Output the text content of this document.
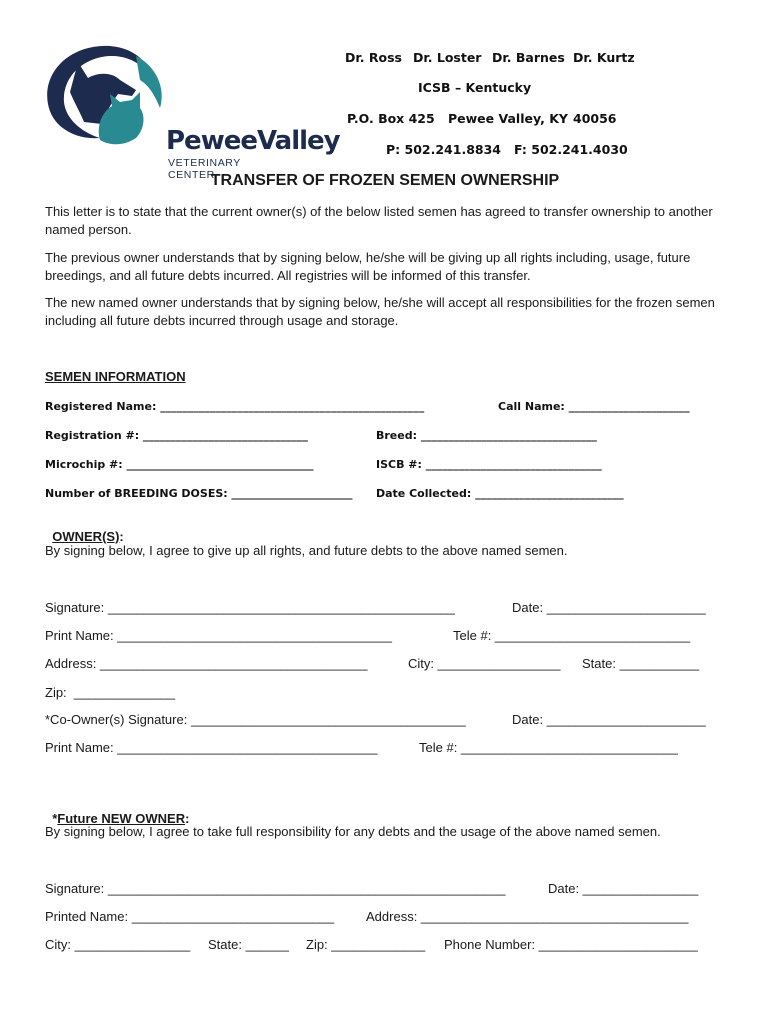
PeweeValley
VETERINARY CENTER
Dr. Ross Dr. Loster Dr. Barnes Dr. Kurtz
ICSB – Kentucky
P.O. Box 425 Pewee Valley, KY 40056
P: 502.241.8834   F: 502.241.4030
TRANSFER OF FROZEN SEMEN OWNERSHIP
This letter is to state that the current owner(s) of the below listed semen has agreed to transfer ownership to another named person.
The previous owner understands that by signing below, he/she will be giving up all rights including, usage, future breedings, and all future debts incurred. All registries will be informed of this transfer.
The new named owner understands that by signing below, he/she will accept all responsibilities for the frozen semen including all future debts incurred through usage and storage.
SEMEN INFORMATION
Registered Name: ________________________________________________	Call Name: ______________________
Registration #: ______________________________	Breed: ________________________________
Microchip #: __________________________________	ISCB #: ________________________________
Number of BREEDING DOSES: ______________________ Date Collected: ___________________________

OWNER(S):

By signing below, I agree to give up all rights, and future debts to the above named semen.
Signature: ________________________________________________	Date: ______________________
Print Name: ______________________________________	Tele #: ___________________________
Address: _____________________________________	City: _________________ State: ___________
Zip:  ______________
*Co-Owner(s) Signature: ______________________________________	Date: ______________________
Print Name: ____________________________________	Tele #: ______________________________

*Future NEW OWNER:

By signing below, I agree to take full responsibility for any debts and the usage of the above named semen.
Signature: _______________________________________________________	Date: ________________
Printed Name: ____________________________ Address: _____________________________________
City: ________________ State: ______ Zip: _____________ Phone Number: ______________________
